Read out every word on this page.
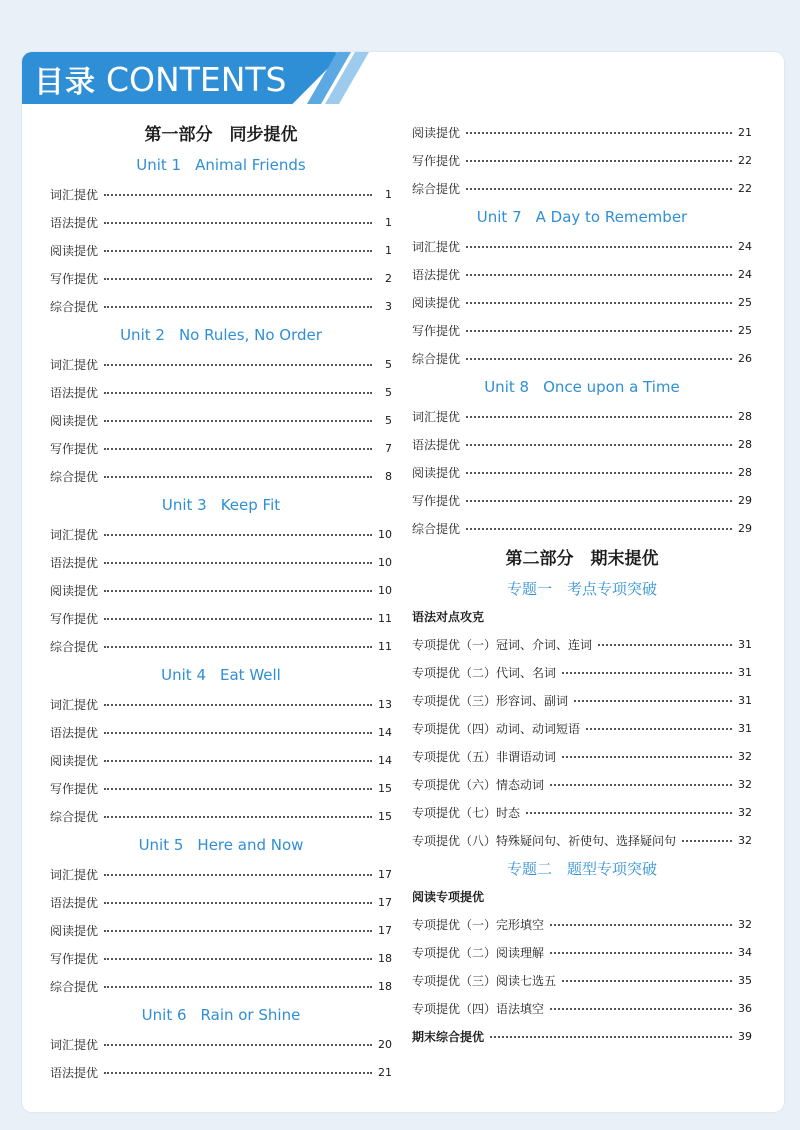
目录 CONTENTS
第一部分　同步提优
Unit 1 Animal Friends
词汇提优	1
语法提优	1
阅读提优	1
写作提优	2
综合提优	3
Unit 2 No Rules, No Order
词汇提优	5
语法提优	5
阅读提优	5
写作提优	7
综合提优	8
Unit 3 Keep Fit
词汇提优	10
语法提优	10
阅读提优	10
写作提优	11
综合提优	11
Unit 4 Eat Well
词汇提优	13
语法提优	14
阅读提优	14
写作提优	15
综合提优	15
Unit 5 Here and Now
词汇提优	17
语法提优	17
阅读提优	17
写作提优	18
综合提优	18
Unit 6 Rain or Shine
词汇提优	20
语法提优	21
阅读提优	21
写作提优	22
综合提优	22
Unit 7 A Day to Remember
词汇提优	24
语法提优	24
阅读提优	25
写作提优	25
综合提优	26
Unit 8 Once upon a Time
词汇提优	28
语法提优	28
阅读提优	28
写作提优	29
综合提优	29
第二部分　期末提优
专题一　考点专项突破
语法对点攻克
专项提优（一）冠词、介词、连词	31
专项提优（二）代词、名词	31
专项提优（三）形容词、副词	31
专项提优（四）动词、动词短语	31
专项提优（五）非谓语动词	32
专项提优（六）情态动词	32
专项提优（七）时态	32
专项提优（八）特殊疑问句、祈使句、选择疑问句	32
专题二　题型专项突破
阅读专项提优
专项提优（一）完形填空	32
专项提优（二）阅读理解	34
专项提优（三）阅读七选五	35
专项提优（四）语法填空	36
期末综合提优	39
